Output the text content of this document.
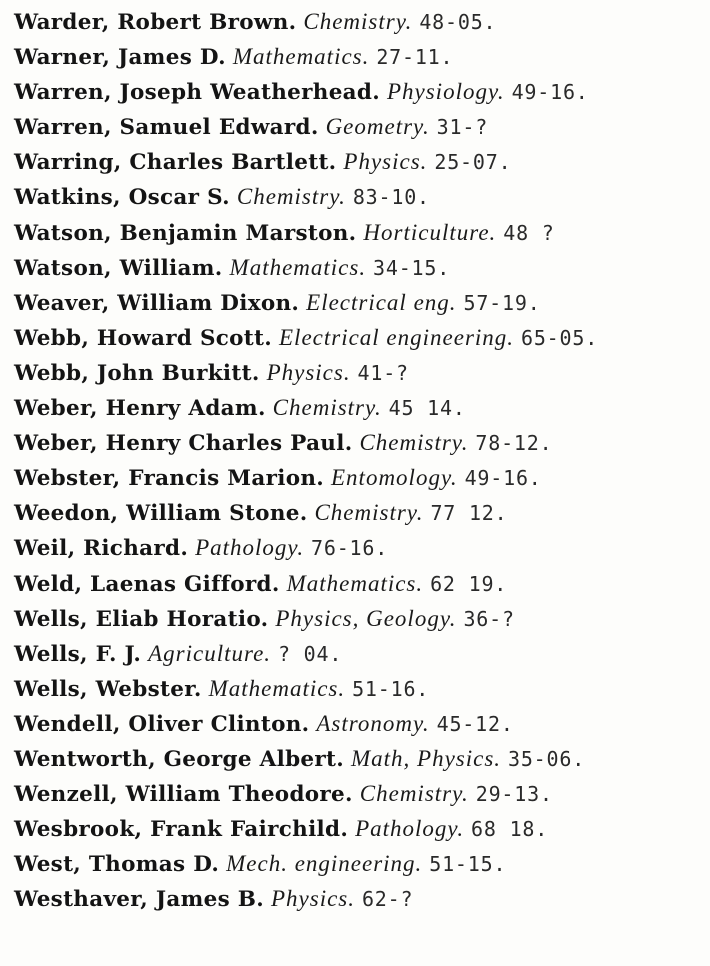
Warder, Robert Brown. Chemistry. 48-05.
Warner, James D. Mathematics. 27-11.
Warren, Joseph Weatherhead. Physiology. 49-16.
Warren, Samuel Edward. Geometry. 31-?
Warring, Charles Bartlett. Physics. 25-07.
Watkins, Oscar S. Chemistry. 83-10.
Watson, Benjamin Marston. Horticulture. 48 ?
Watson, William. Mathematics. 34-15.
Weaver, William Dixon. Electrical eng. 57-19.
Webb, Howard Scott. Electrical engineering. 65-05.
Webb, John Burkitt. Physics. 41-?
Weber, Henry Adam. Chemistry. 45 14.
Weber, Henry Charles Paul. Chemistry. 78-12.
Webster, Francis Marion. Entomology. 49-16.
Weedon, William Stone. Chemistry. 77 12.
Weil, Richard. Pathology. 76-16.
Weld, Laenas Gifford. Mathematics. 62 19.
Wells, Eliab Horatio. Physics, Geology. 36-?
Wells, F. J. Agriculture. ? 04.
Wells, Webster. Mathematics. 51-16.
Wendell, Oliver Clinton. Astronomy. 45-12.
Wentworth, George Albert. Math, Physics. 35-06.
Wenzell, William Theodore. Chemistry. 29-13.
Wesbrook, Frank Fairchild. Pathology. 68 18.
West, Thomas D. Mech. engineering. 51-15.
Westhaver, James B. Physics. 62-?
